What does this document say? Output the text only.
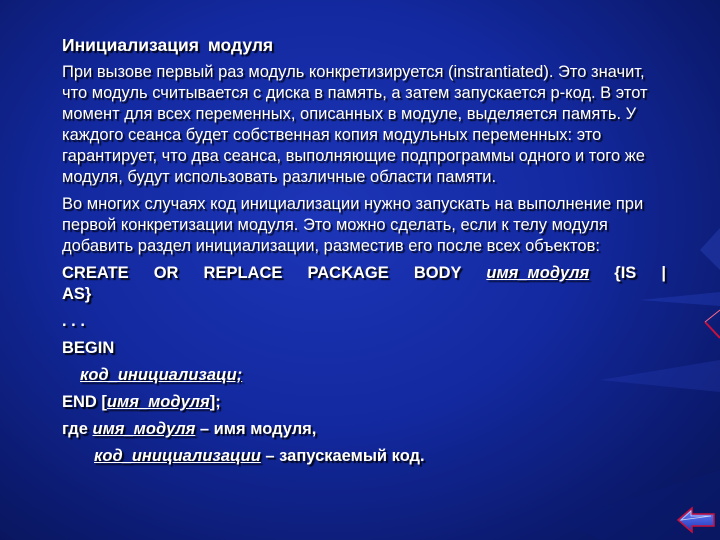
Инициализация модуля

При вызове первый раз модуль конкретизируется (instrantiated). Это значит, что модуль считывается с диска в память, а затем запускается p-код. В этот момент для всех переменных, описанных в модуле, выделяется память. У каждого сеанса будет собственная копия модульных переменных: это гарантирует, что два сеанса, выполняющие подпрограммы одного и того же модуля, будут использовать различные области памяти.

Во многих случаях код инициализации нужно запускать на выполнение при первой конкретизации модуля. Это можно сделать, если к телу модуля добавить раздел инициализации, разместив его после всех объектов:

CREATE OR REPLACE PACKAGE BODY имя_модуля {IS |
AS}
. . .
BEGIN
код_инициализаци;
END [имя_модуля];
где имя_модуля – имя модуля,
код_инициализации – запускаемый код.
